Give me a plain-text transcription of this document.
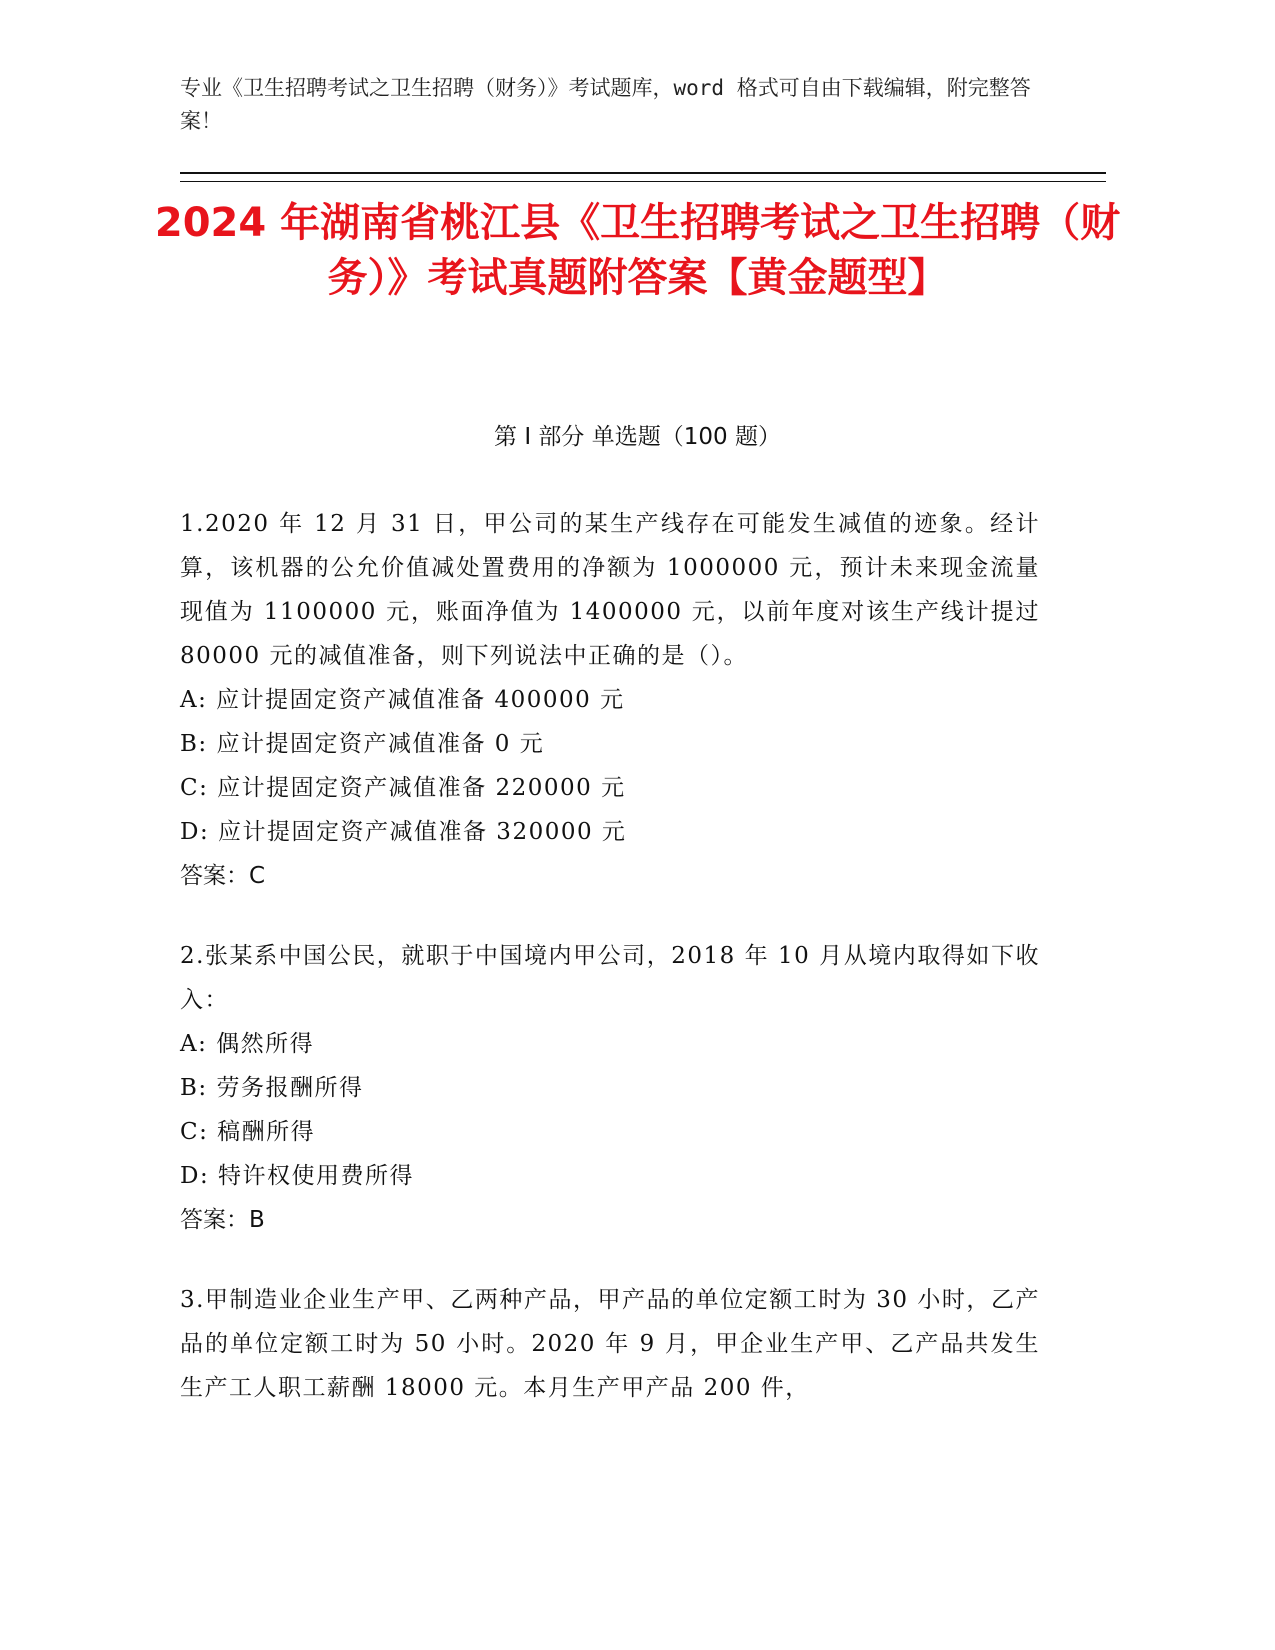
专业《卫生招聘考试之卫生招聘（财务）》考试题库，word 格式可自由下载编辑，附完整答案！
2024 年湖南省桃江县《卫生招聘考试之卫生招聘（财务）》考试真题附答案【黄金题型】
第 I 部分 单选题（100 题）
1.2020 年 12 月 31 日，甲公司的某生产线存在可能发生减值的迹象。经计算，该机器的公允价值减处置费用的净额为 1000000 元，预计未来现金流量现值为 1100000 元，账面净值为 1400000 元，以前年度对该生产线计提过 80000 元的减值准备，则下列说法中正确的是（）。
A: 应计提固定资产减值准备 400000 元
B: 应计提固定资产减值准备 0 元
C: 应计提固定资产减值准备 220000 元
D: 应计提固定资产减值准备 320000 元
答案：C
2.张某系中国公民，就职于中国境内甲公司，2018 年 10 月从境内取得如下收入：
A: 偶然所得
B: 劳务报酬所得
C: 稿酬所得
D: 特许权使用费所得
答案：B
3.甲制造业企业生产甲、乙两种产品，甲产品的单位定额工时为 30 小时，乙产品的单位定额工时为 50 小时。2020 年 9 月，甲企业生产甲、乙产品共发生生产工人职工薪酬 18000 元。本月生产甲产品 200 件，
